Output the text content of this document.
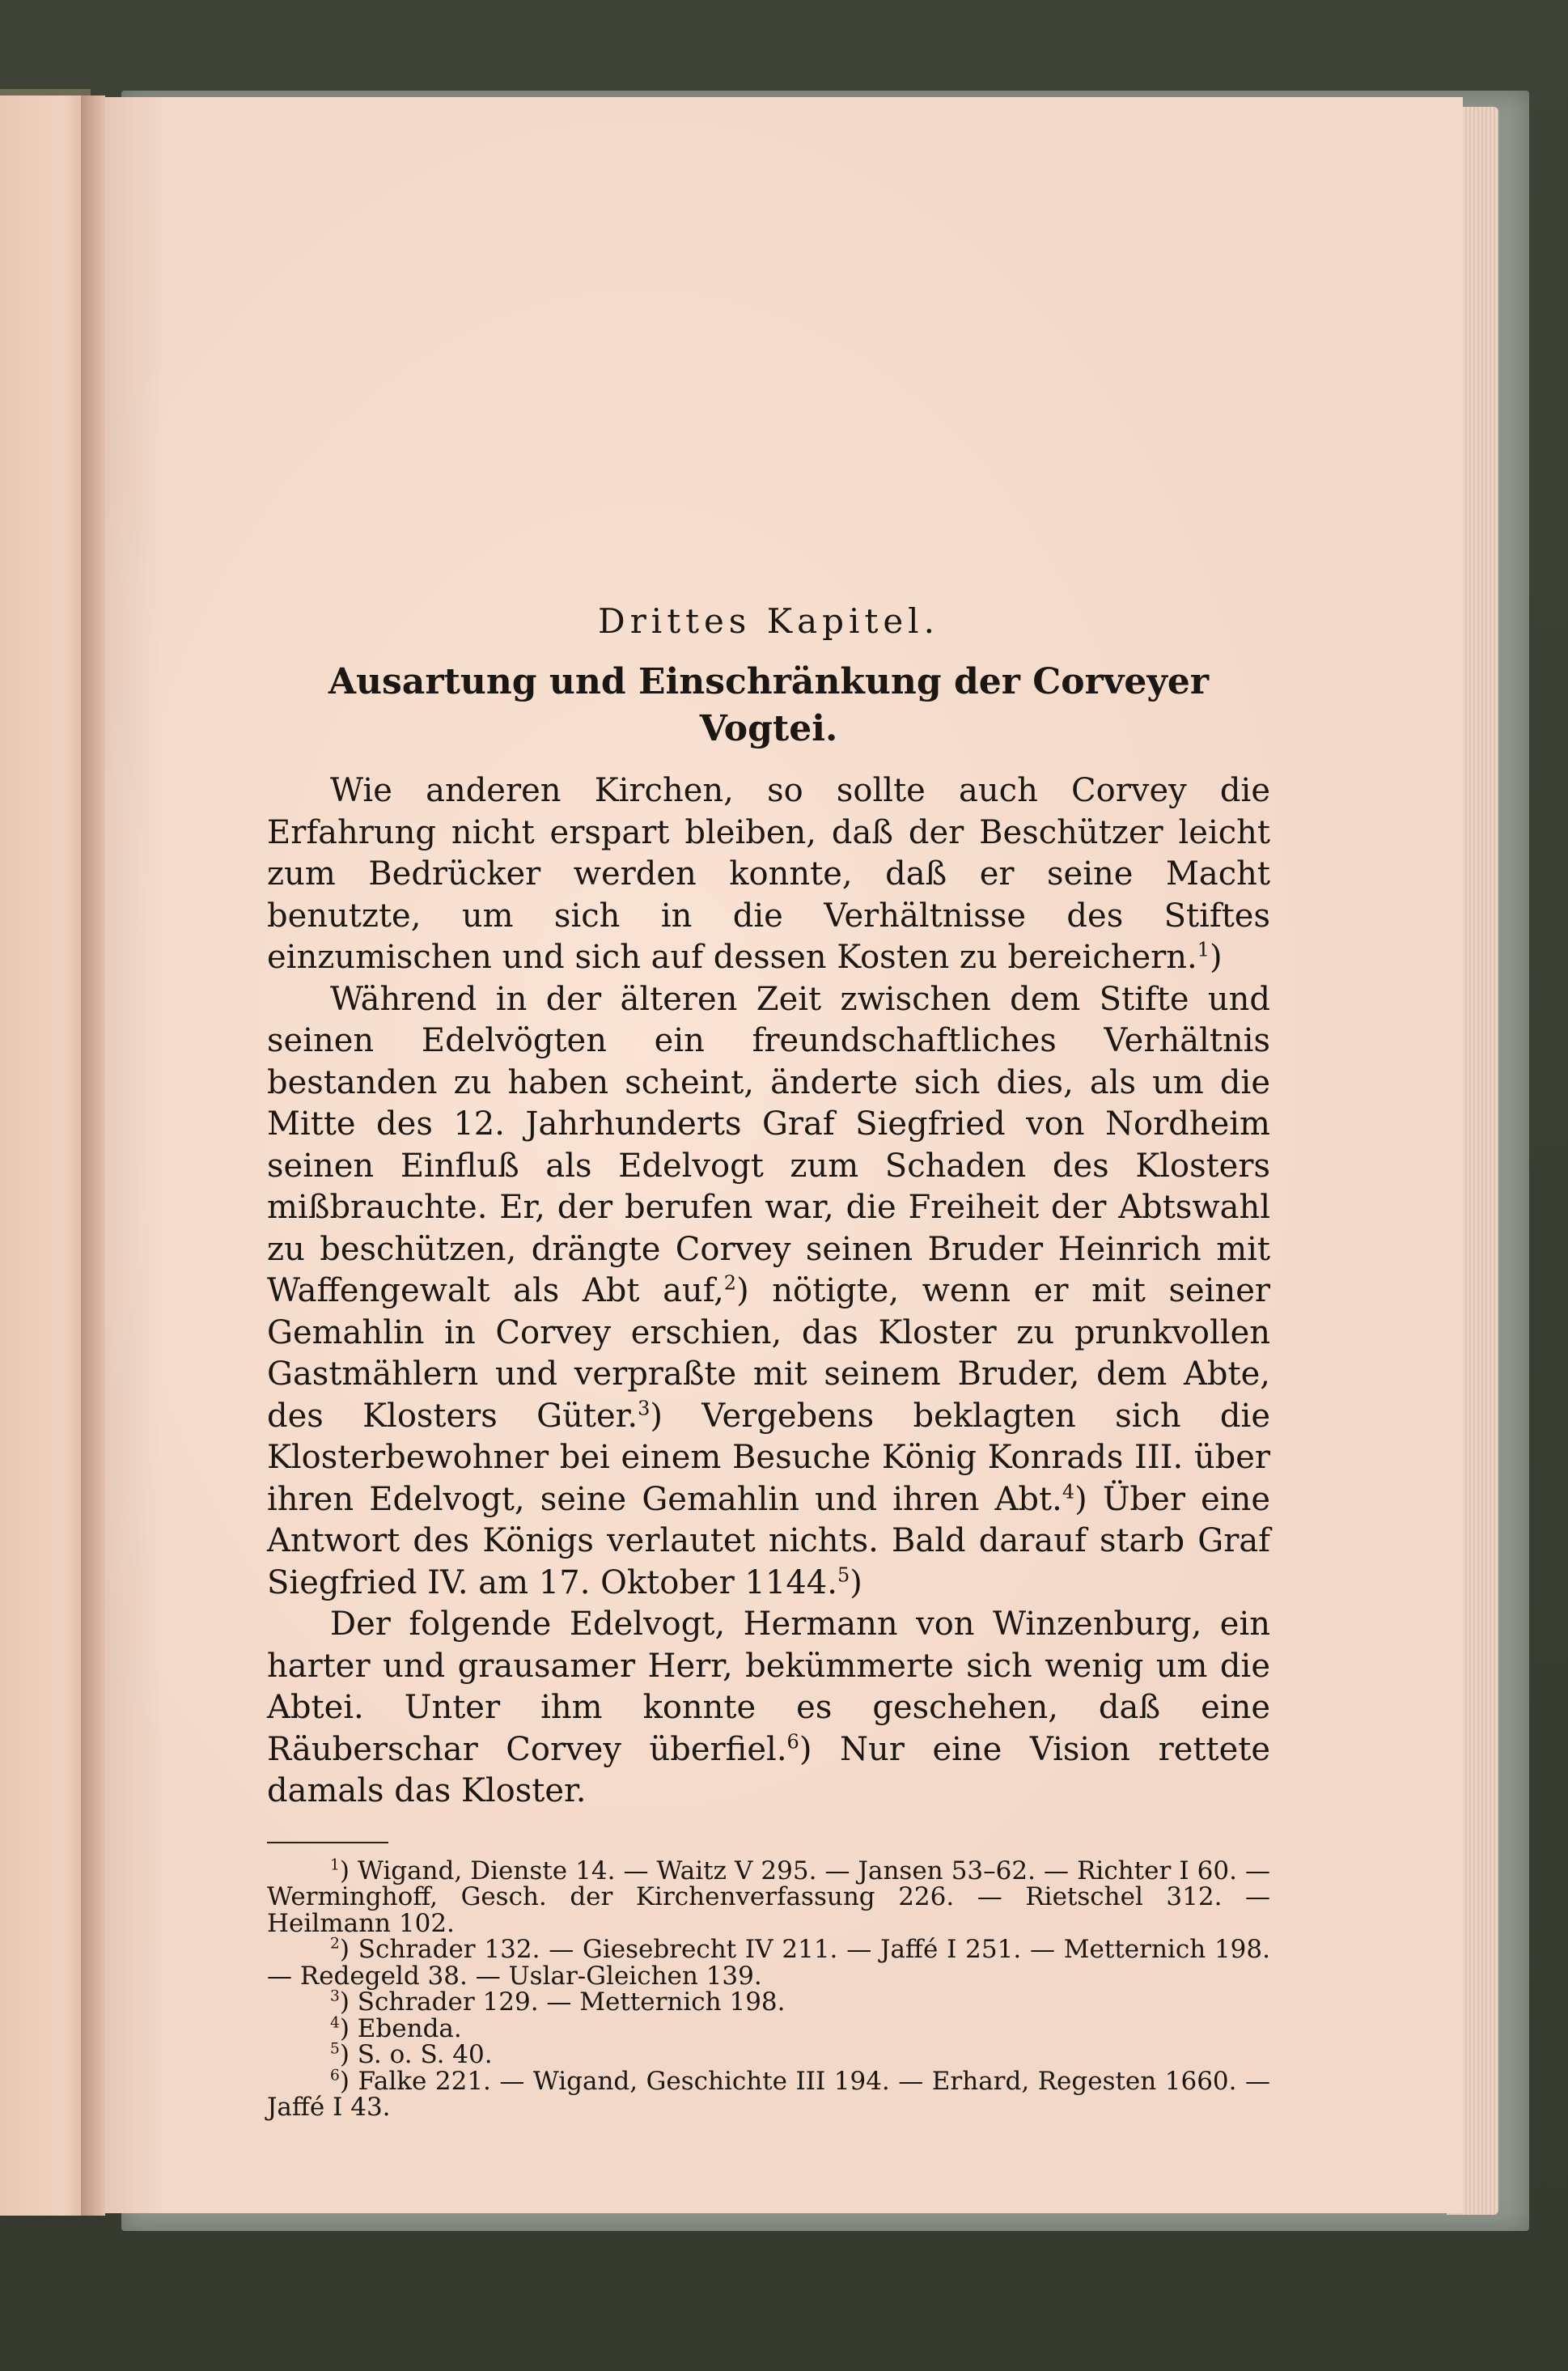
Drittes Kapitel.

Ausartung und Einschränkung der Corveyer Vogtei.

Wie anderen Kirchen, so sollte auch Corvey die Erfahrung nicht erspart bleiben, daß der Beschützer leicht zum Bedrücker werden konnte, daß er seine Macht benutzte, um sich in die Verhältnisse des Stiftes einzumischen und sich auf dessen Kosten zu bereichern.$^1$)

Während in der älteren Zeit zwischen dem Stifte und seinen Edelvögten ein freundschaftliches Verhältnis bestanden zu haben scheint, änderte sich dies, als um die Mitte des 12. Jahrhunderts Graf Siegfried von Nordheim seinen Einfluß als Edelvogt zum Schaden des Klosters mißbrauchte. Er, der berufen war, die Freiheit der Abtswahl zu beschützen, drängte Corvey seinen Bruder Heinrich mit Waffengewalt als Abt auf,$^2$) nötigte, wenn er mit seiner Gemahlin in Corvey erschien, das Kloster zu prunkvollen Gastmählern und verpraßte mit seinem Bruder, dem Abte, des Klosters Güter.$^3$) Vergebens beklagten sich die Klosterbewohner bei einem Besuche König Konrads III. über ihren Edelvogt, seine Gemahlin und ihren Abt.$^4$) Über eine Antwort des Königs verlautet nichts. Bald darauf starb Graf Siegfried IV. am 17. Oktober 1144.$^5$)

Der folgende Edelvogt, Hermann von Winzenburg, ein harter und grausamer Herr, bekümmerte sich wenig um die Abtei. Unter ihm konnte es geschehen, daß eine Räuberschar Corvey überfiel.$^6$) Nur eine Vision rettete damals das Kloster.

$^1$) Wigand, Dienste 14. — Waitz V 295. — Jansen 53–62. — Richter I 60. — Werminghoff, Gesch. der Kirchenverfassung 226. — Rietschel 312. — Heilmann 102.

$^2$) Schrader 132. — Giesebrecht IV 211. — Jaffé I 251. — Metternich 198. — Redegeld 38. — Uslar-Gleichen 139.

$^3$) Schrader 129. — Metternich 198.

$^4$) Ebenda.

$^5$) S. o. S. 40.

$^6$) Falke 221. — Wigand, Geschichte III 194. — Erhard, Regesten 1660. — Jaffé I 43.
